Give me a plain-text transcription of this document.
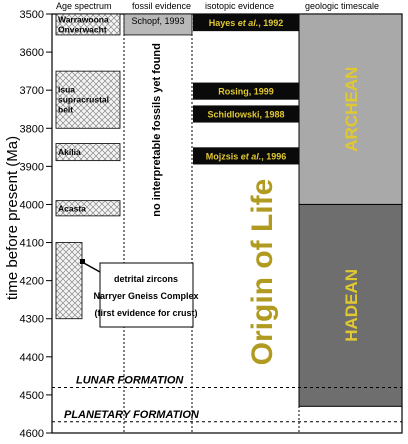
Age spectrum fossil evidence isotopic evidence	geologic timescale
time before present (Ma)
3500
3600
3700
3800
3900
4000
4100
4200
4300
4400
4500
4600
ARCHEAN
HADEAN
Warrawoona
Onverwacht
Isua
supracrustal
belt
Akilia
Acasta
Schopf, 1993	Hayes et al., 1992
Rosing, 1999
Schidlowski, 1988
Mojzsis et al., 1996
no interpretable fossils yet found
Origin of Life
detrital zircons
Narryer Gneiss Complex
(first evidence for crust)
LUNAR FORMATION
PLANETARY FORMATION
